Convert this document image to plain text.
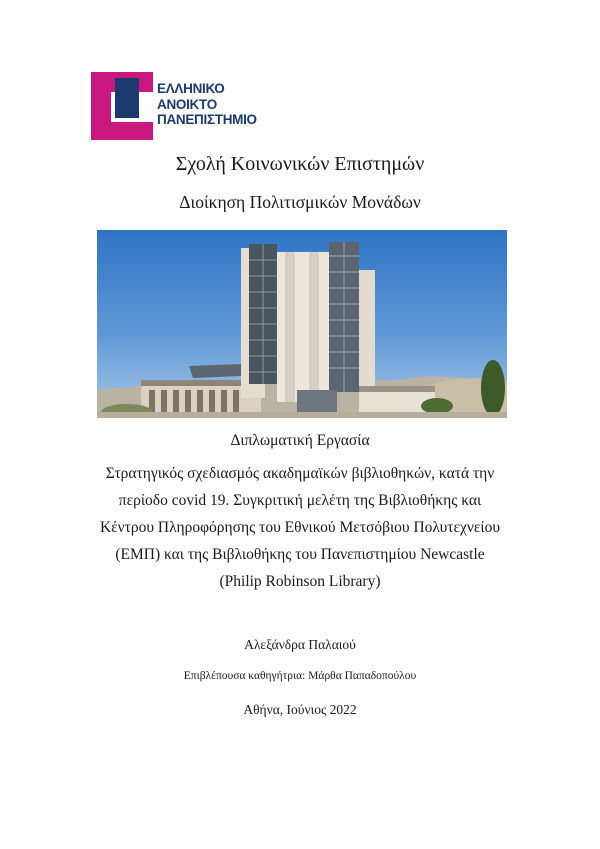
ΕΛΛΗΝΙΚΟ
ΑΝΟΙΚΤΟ
ΠΑΝΕΠΙΣΤΗΜΙΟ
Σχολή Κοινωνικών Επιστημών
Διοίκηση Πολιτισμικών Μονάδων
Διπλωματική Εργασία
Στρατηγικός σχεδιασμός ακαδημαϊκών βιβλιοθηκών, κατά την
περίοδο covid 19. Συγκριτική μελέτη της Βιβλιοθήκης και
Κέντρου Πληροφόρησης του Εθνικού Μετσόβιου Πολυτεχνείου
(ΕΜΠ) και της Βιβλιοθήκης του Πανεπιστημίου Newcastle
(Philip Robinson Library)
Αλεξάνδρα Παλαιού
Επιβλέπουσα καθηγήτρια: Μάρθα Παπαδοπούλου
Αθήνα, Ιούνιος 2022
